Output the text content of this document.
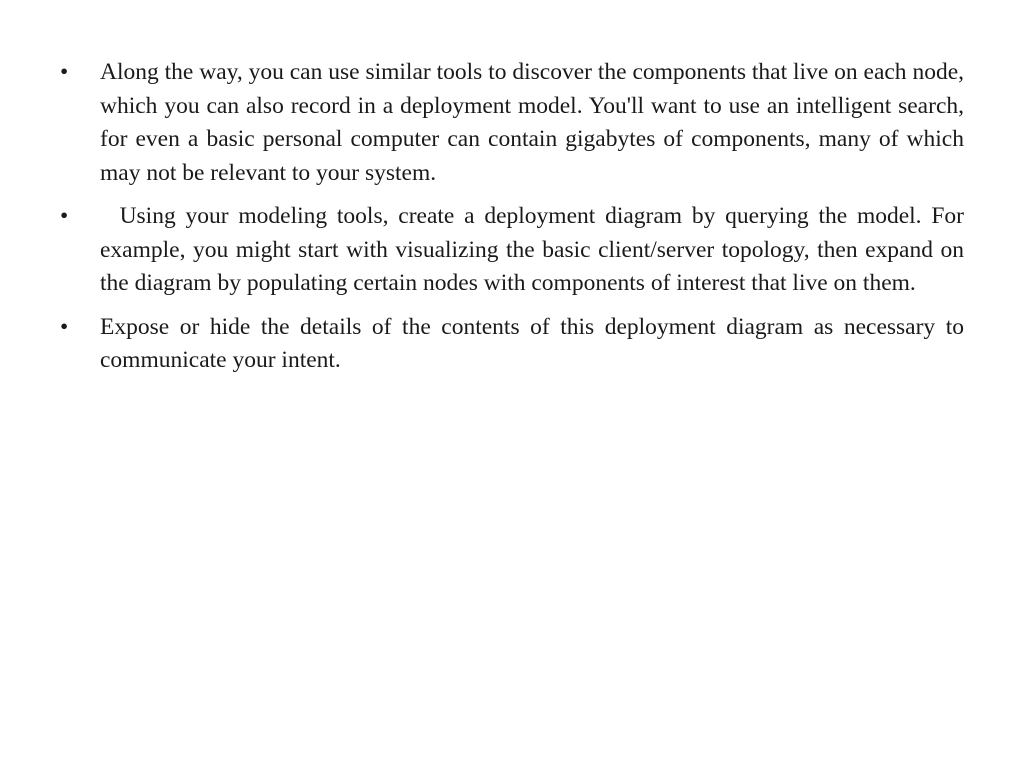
•	Along the way, you can use similar tools to discover the components that live on each node, which you can also record in a deployment model. You'll want to use an intelligent search, for even a basic personal computer can contain gigabytes of components, many of which may not be relevant to your system.
•	Using your modeling tools, create a deployment diagram by querying the model. For example, you might start with visualizing the basic client/server topology, then expand on the diagram by populating certain nodes with components of interest that live on them.
•	Expose or hide the details of the contents of this deployment diagram as necessary to communicate your intent.
